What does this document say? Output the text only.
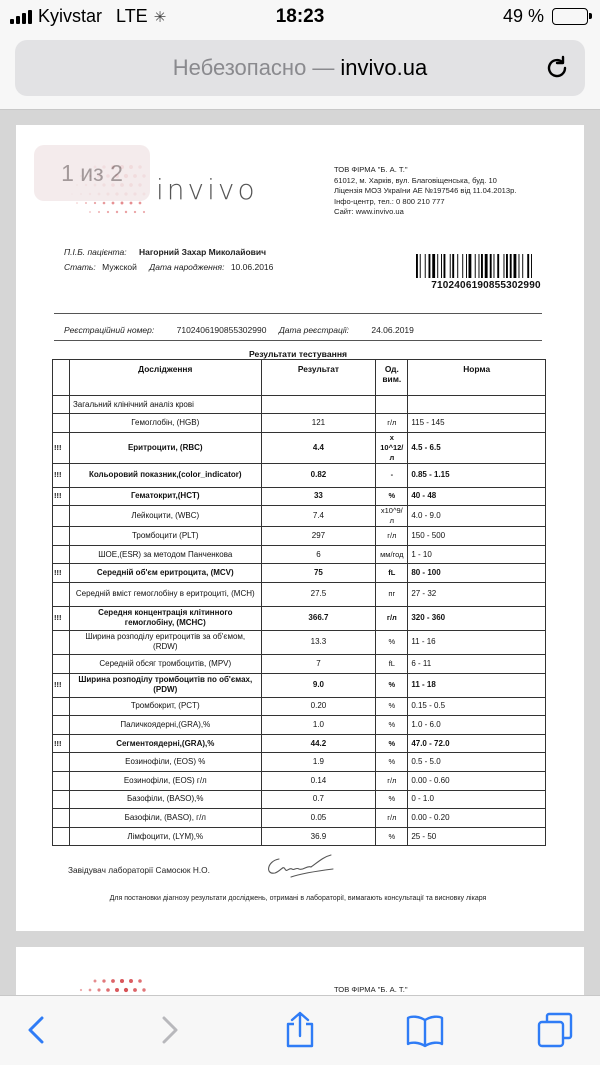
Kyivstar LTE ✳	18:23	49 %
Небезопасно — invivo.ua
1 из 2
invivo
ТОВ ФІРМА "Б. А. Т."
61012, м. Харків, вул. Благовіщенська, буд. 10
Ліцензія МОЗ України АЕ №197546 від 11.04.2013р.
Інфо-центр, тел.: 0 800 210 777
Сайт: www.invivo.ua
П.І.Б. пацієнта: Нагорний Захар Миколайович
Стать: Мужской Дата народження: 10.06.2016
7102406190855302990
Реєстраційний номер:	7102406190855302990 Дата реєстрації:	24.06.2019
Результати тестування
	Дослідження	Результат	Од. вим.	Норма
	Загальний клінічний аналіз крові			
	Гемоглобін, (HGB)	121	г/л	115 - 145
!!!	Еритроцити, (RBC)	4.4	x 10^12/л	4.5 - 6.5
!!!	Кольоровий показник,(color_indicator)	0.82	-	0.85 - 1.15
!!!	Гематокрит,(HCT)	33	%	40 - 48
	Лейкоцити, (WBC)	7.4	x10^9/л	4.0 - 9.0
	Тромбоцити (PLT)	297	г/л	150 - 500
	ШОЕ,(ESR) за методом Панченкова	6	мм/год	1 - 10
!!!	Середній об'єм еритроцита, (MCV)	75	fL	80 - 100
	Середній вміст гемоглобіну в еритроциті, (MCH)	27.5	пг	27 - 32
!!!	Середня концентрація клітинного гемоглобіну, (MCHC)	366.7	г/л	320 - 360
	Ширина розподілу еритроцитів за об'ємом, (RDW)	13.3	%	11 - 16
	Середній обсяг тромбоцитів, (MPV)	7	fL	6 - 11
!!!	Ширина розподілу тромбоцитів по об'ємах, (PDW)	9.0	%	11 - 18
	Тромбокрит, (PCT)	0.20	%	0.15 - 0.5
	Паличкоядерні,(GRA),%	1.0	%	1.0 - 6.0
!!!	Сегментоядерні,(GRA),%	44.2	%	47.0 - 72.0
	Еозинофіли, (EOS) %	1.9	%	0.5 - 5.0
	Еозинофіли, (EOS) г/л	0.14	г/л	0.00 - 0.60
	Базофіли, (BASO),%	0.7	%	0 - 1.0
	Базофіли, (BASO), г/л	0.05	г/л	0.00 - 0.20
	Лімфоцити, (LYM),%	36.9	%	25 - 50
Завідувач лабораторії Самосюк Н.О.
Для постановки діагнозу результати досліджень, отримані в лабораторії, вимагають консультації та висновку лікаря
ТОВ ФІРМА "Б. А. Т."
